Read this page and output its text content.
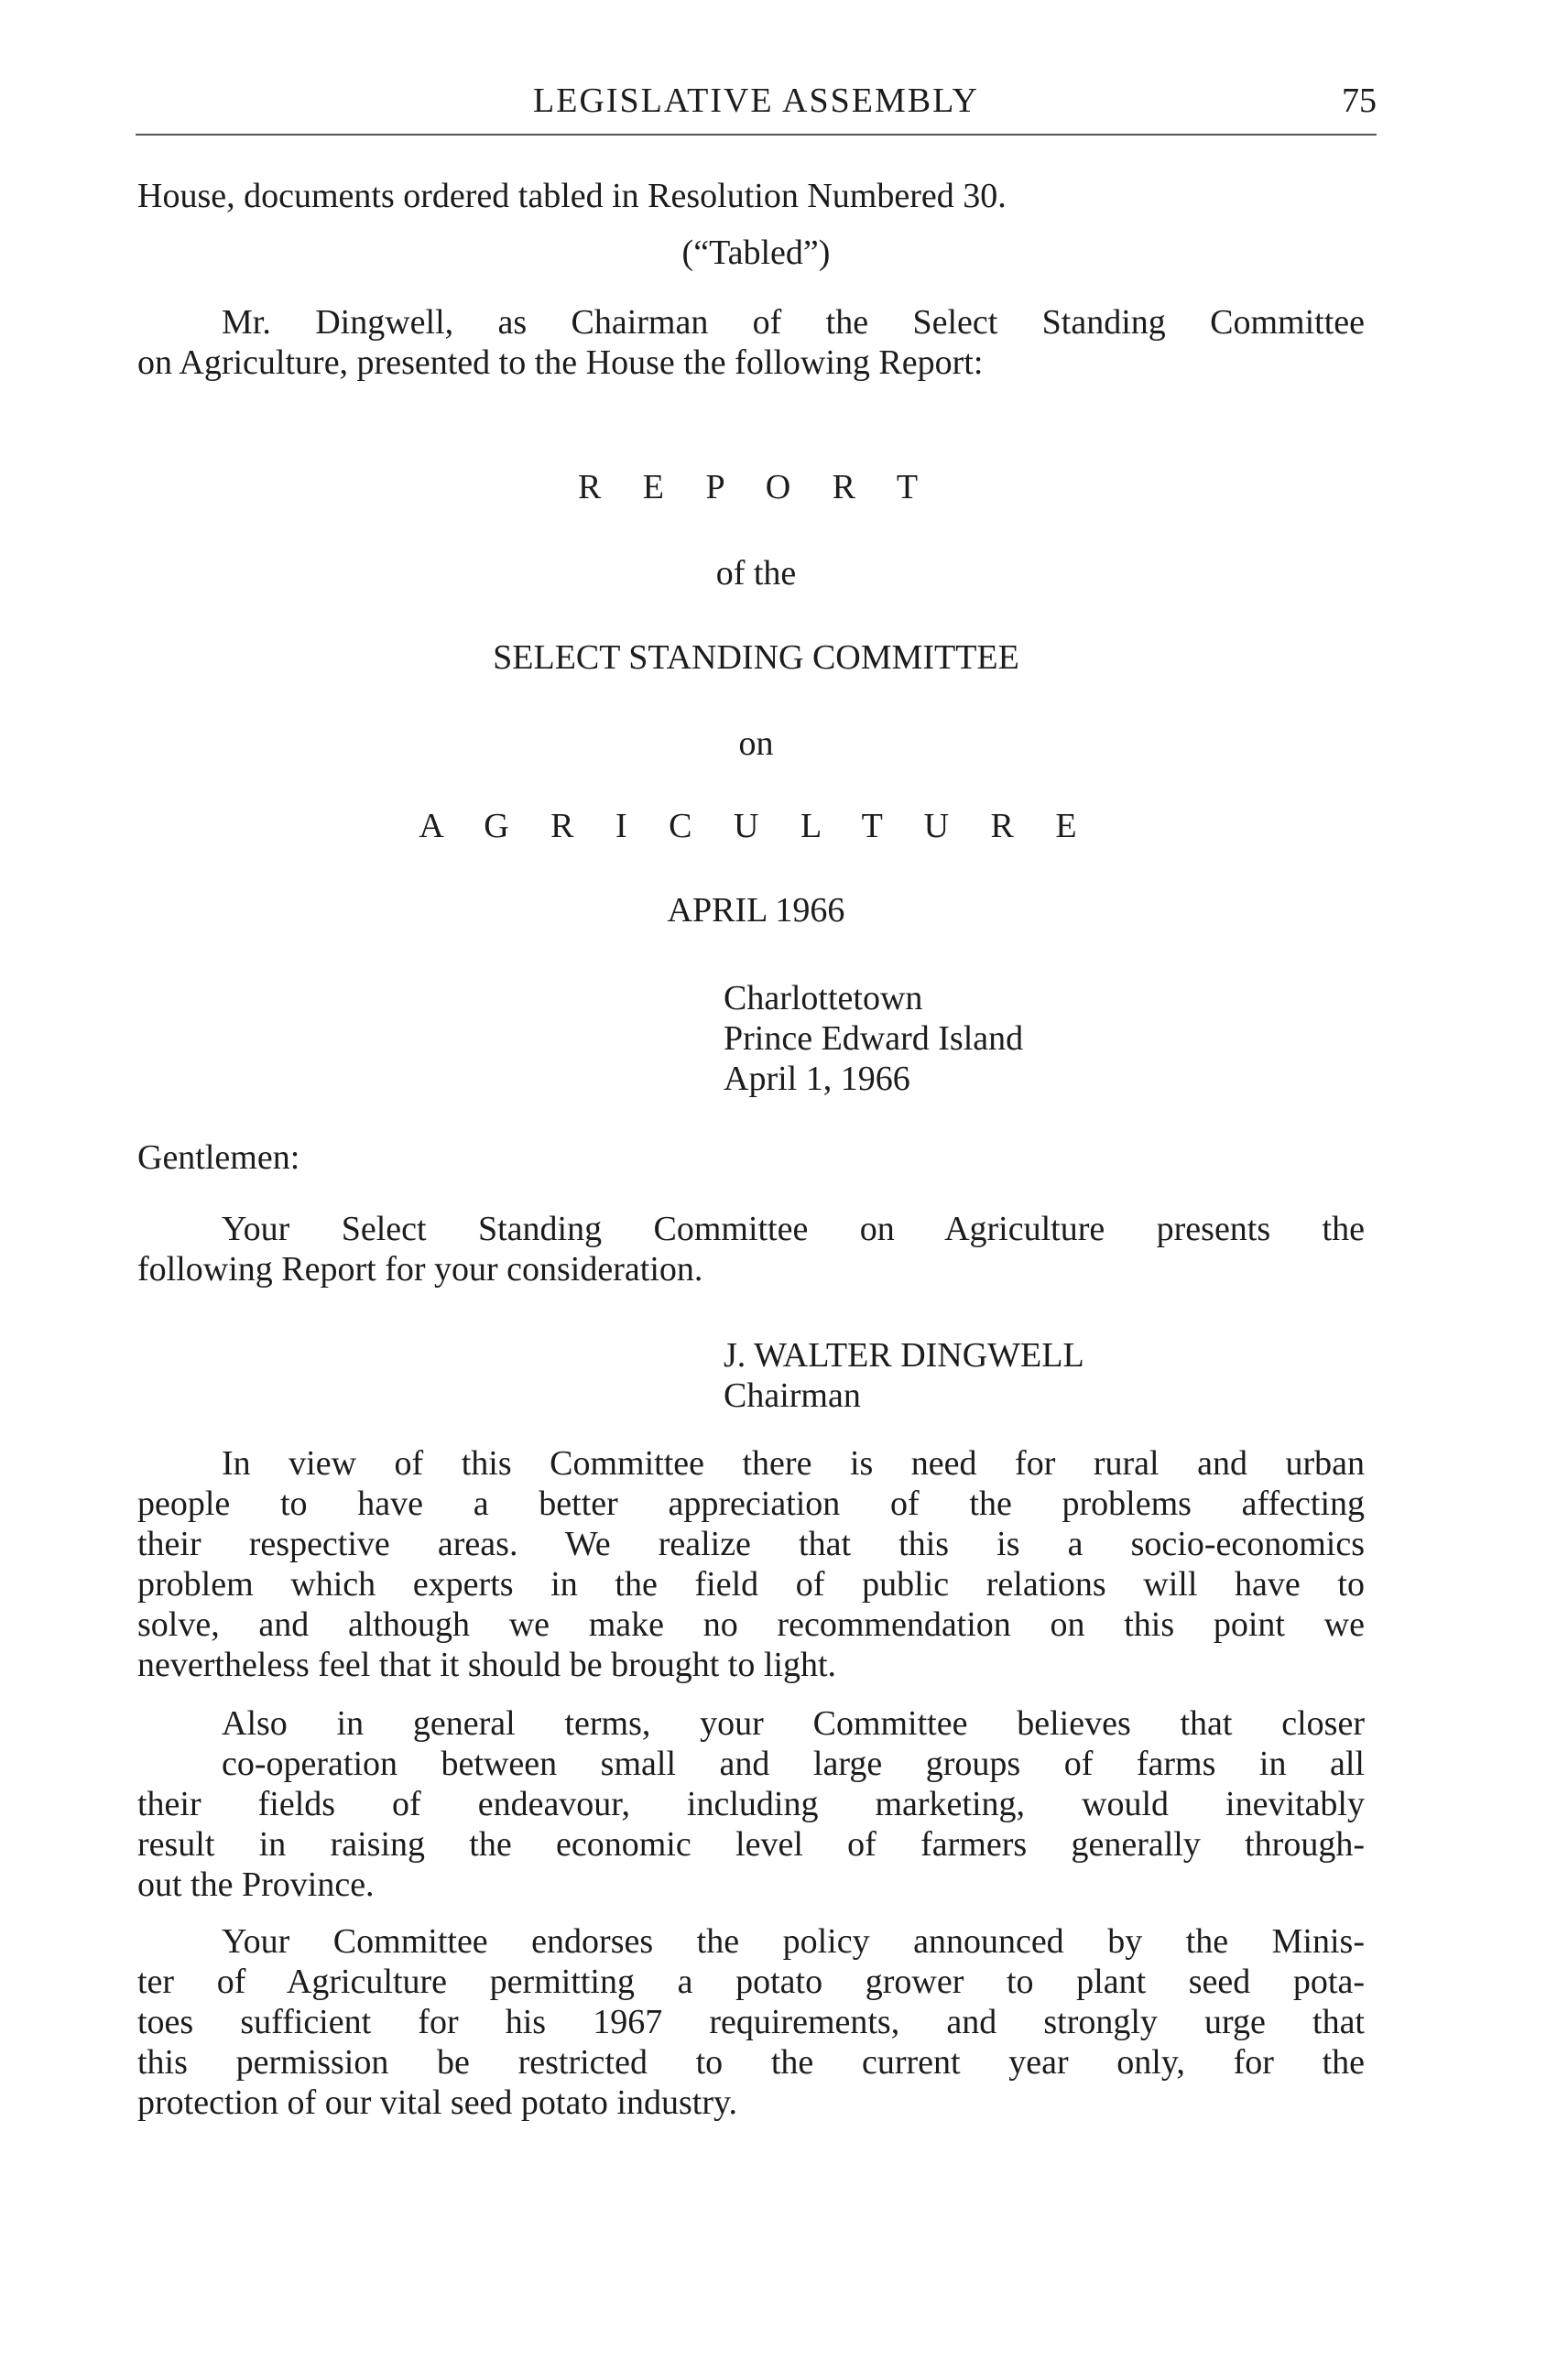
LEGISLATIVE ASSEMBLY	75
House, documents ordered tabled in Resolution Numbered 30.
(“Tabled”)
Mr. Dingwell, as Chairman of the Select Standing Committee
on Agriculture, presented to the House the following Report:
R E P O R T
of the
SELECT STANDING COMMITTEE
on
A G R I C U L T U R E
APRIL 1966
Charlottetown
Prince Edward Island
April 1, 1966
Gentlemen:
Your Select Standing Committee on Agriculture presents the
following Report for your consideration.
J. WALTER DINGWELL
Chairman
In view of this Committee there is need for rural and urban
people to have a better appreciation of the problems affecting
their respective areas. We realize that this is a socio-economics
problem which experts in the field of public relations will have to
solve, and although we make no recommendation on this point we
nevertheless feel that it should be brought to light.
Also in general terms, your Committee believes that closer
co-operation between small and large groups of farms in all
their fields of endeavour, including marketing, would inevitably
result in raising the economic level of farmers generally through-
out the Province.
Your Committee endorses the policy announced by the Minis-
ter of Agriculture permitting a potato grower to plant seed pota-
toes sufficient for his 1967 requirements, and strongly urge that
this permission be restricted to the current year only, for the
protection of our vital seed potato industry.
